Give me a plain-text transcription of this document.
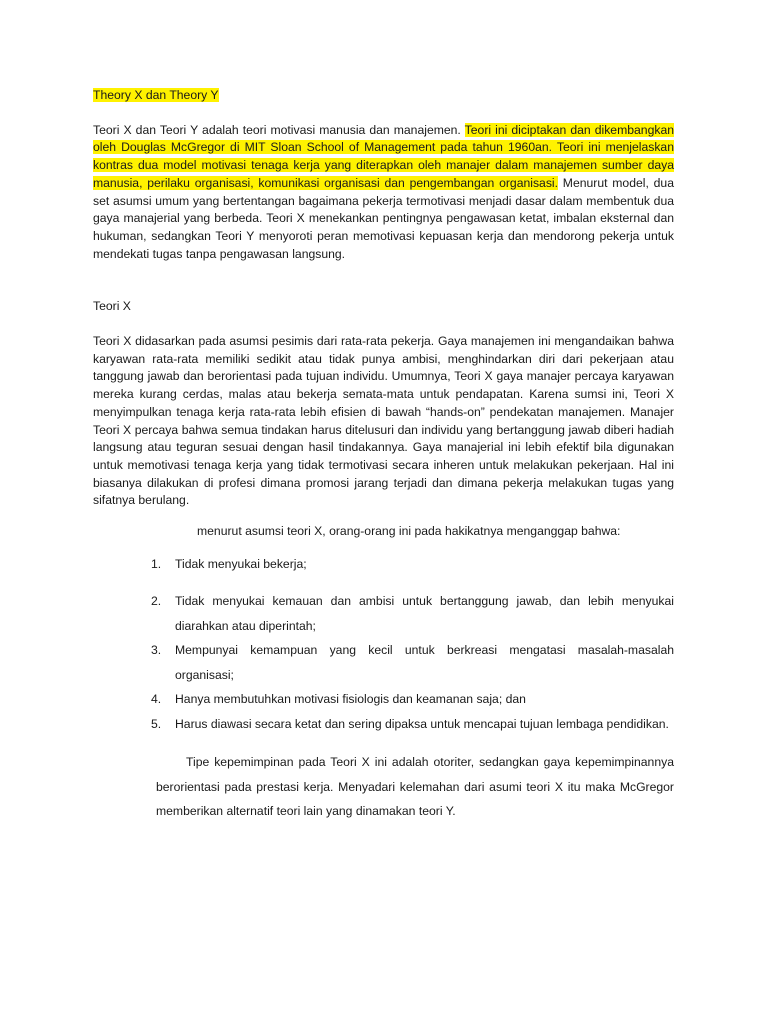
Theory X dan Theory Y

Teori X dan Teori Y adalah teori motivasi manusia dan manajemen. Teori ini diciptakan dan dikembangkan oleh Douglas McGregor di MIT Sloan School of Management pada tahun 1960an. Teori ini menjelaskan kontras dua model motivasi tenaga kerja yang diterapkan oleh manajer dalam manajemen sumber daya manusia, perilaku organisasi, komunikasi organisasi dan pengembangan organisasi. Menurut model, dua set asumsi umum yang bertentangan bagaimana pekerja termotivasi menjadi dasar dalam membentuk dua gaya manajerial yang berbeda. Teori X menekankan pentingnya pengawasan ketat, imbalan eksternal dan hukuman, sedangkan Teori Y menyoroti peran memotivasi kepuasan kerja dan mendorong pekerja untuk mendekati tugas tanpa pengawasan langsung.

Teori X

Teori X didasarkan pada asumsi pesimis dari rata-rata pekerja. Gaya manajemen ini mengandaikan bahwa karyawan rata-rata memiliki sedikit atau tidak punya ambisi, menghindarkan diri dari pekerjaan atau tanggung jawab dan berorientasi pada tujuan individu. Umumnya, Teori X gaya manajer percaya karyawan mereka kurang cerdas, malas atau bekerja semata-mata untuk pendapatan. Karena sumsi ini, Teori X menyimpulkan tenaga kerja rata-rata lebih efisien di bawah “hands-on” pendekatan manajemen. Manajer Teori X percaya bahwa semua tindakan harus ditelusuri dan individu yang bertanggung jawab diberi hadiah langsung atau teguran sesuai dengan hasil tindakannya. Gaya manajerial ini lebih efektif bila digunakan untuk memotivasi tenaga kerja yang tidak termotivasi secara inheren untuk melakukan pekerjaan. Hal ini biasanya dilakukan di profesi dimana promosi jarang terjadi dan dimana pekerja melakukan tugas yang sifatnya berulang.

menurut asumsi teori X, orang-orang ini pada hakikatnya menganggap bahwa:

1. Tidak menyukai bekerja;
2. Tidak menyukai kemauan dan ambisi untuk bertanggung jawab, dan lebih menyukai diarahkan atau diperintah;
3. Mempunyai kemampuan yang kecil untuk berkreasi mengatasi masalah-masalah organisasi;
4. Hanya membutuhkan motivasi fisiologis dan keamanan saja; dan
5. Harus diawasi secara ketat dan sering dipaksa untuk mencapai tujuan lembaga pendidikan.

Tipe kepemimpinan pada Teori X ini adalah otoriter, sedangkan gaya kepemimpinannya berorientasi pada prestasi kerja. Menyadari kelemahan dari asumi teori X itu maka McGregor memberikan alternatif teori lain yang dinamakan teori Y.
